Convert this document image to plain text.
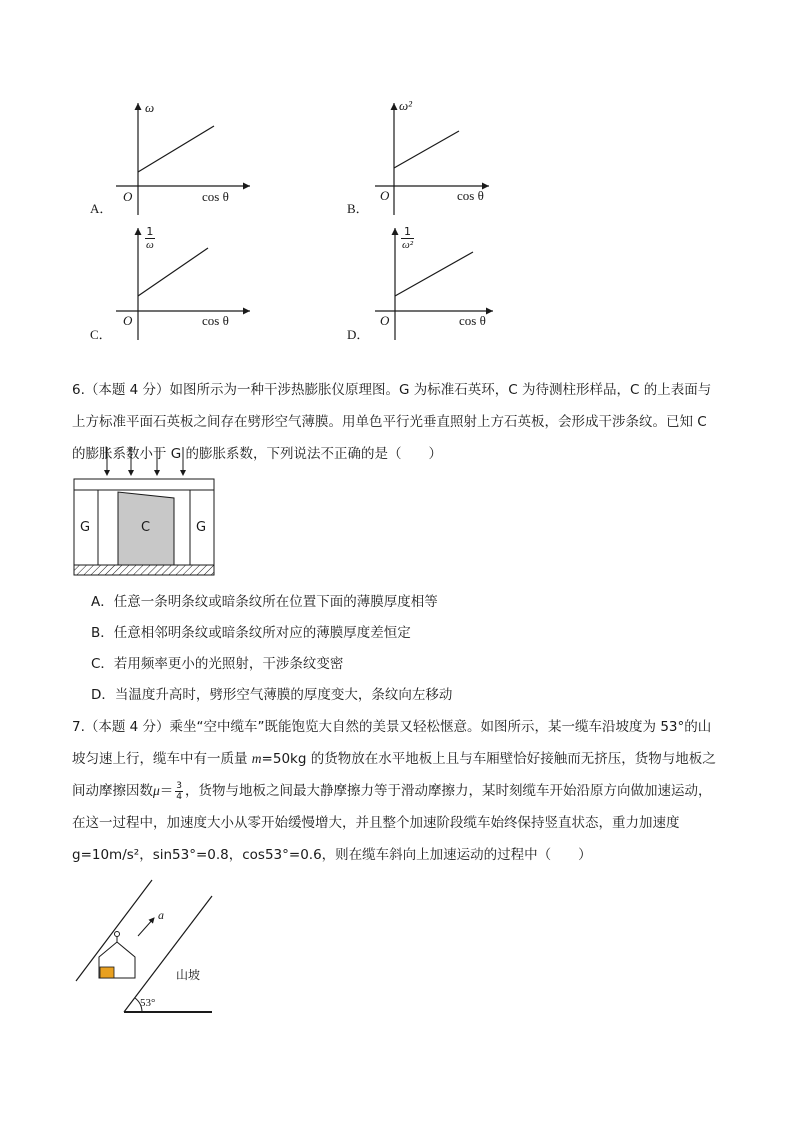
A．
ω
O	cos θ
B．
ω²
O	cos θ
C．
$\frac{1}{\omega}$
O	cos θ
D．
$\frac{1}{\text{ω²}}$
O	cos θ
6.（本题 4 分）如图所示为一种干涉热膨胀仪原理图。G 为标准石英环，C 为待测柱形样品，C 的上表面与
上方标准平面石英板之间存在劈形空气薄膜。用单色平行光垂直照射上方石英板，会形成干涉条纹。已知 C
的膨胀系数小于 G 的膨胀系数，下列说法不正确的是（　　）
G	C	G
A．任意一条明条纹或暗条纹所在位置下面的薄膜厚度相等
B．任意相邻明条纹或暗条纹所对应的薄膜厚度差恒定
C．若用频率更小的光照射，干涉条纹变密
D．当温度升高时，劈形空气薄膜的厚度变大，条纹向左移动
7.（本题 4 分）乘坐“空中缆车”既能饱览大自然的美景又轻松惬意。如图所示，某一缆车沿坡度为 53°的山
坡匀速上行，缆车中有一质量 m=50kg 的货物放在水平地板上且与车厢壁恰好接触而无挤压，货物与地板之
间动摩擦因数$\mu= \frac{3}{4}$ ，货物与地板之间最大静摩擦力等于滑动摩擦力，某时刻缆车开始沿原方向做加速运动，
在这一过程中，加速度大小从零开始缓慢增大，并且整个加速阶段缆车始终保持竖直状态，重力加速度
g=10m/s²，sin53°=0.8，cos53°=0.6，则在缆车斜向上加速运动的过程中（　　）
a
山坡
53°
